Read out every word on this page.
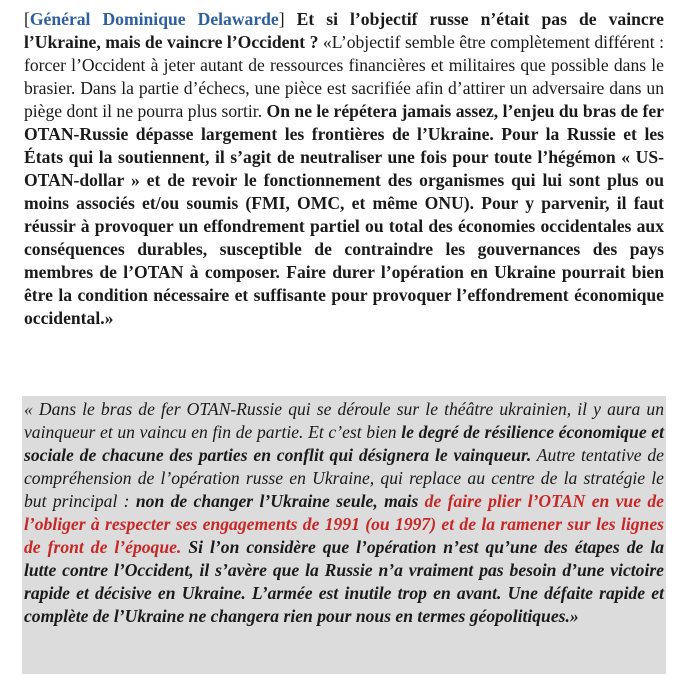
[Général Dominique Delawarde] Et si l’objectif russe n’était pas de vaincre l’Ukraine, mais de vaincre l’Occident ? «L’objectif semble être complètement différent : forcer l’Occident à jeter autant de ressources financières et militaires que possible dans le brasier. Dans la partie d’échecs, une pièce est sacrifiée afin d’attirer un adversaire dans un piège dont il ne pourra plus sortir. On ne le répétera jamais assez, l’enjeu du bras de fer OTAN-Russie dépasse largement les frontières de l’Ukraine. Pour la Russie et les États qui la soutiennent, il s’agit de neutraliser une fois pour toute l’hégémon « US-OTAN-dollar » et de revoir le fonctionnement des organismes qui lui sont plus ou moins associés et/ou soumis (FMI, OMC, et même ONU). Pour y parvenir, il faut réussir à provoquer un effondrement partiel ou total des économies occidentales aux conséquences durables, susceptible de contraindre les gouvernances des pays membres de l’OTAN à composer. Faire durer l’opération en Ukraine pourrait bien être la condition nécessaire et suffisante pour provoquer l’effondrement économique occidental.»
« Dans le bras de fer OTAN-Russie qui se déroule sur le théâtre ukrainien, il y aura un vainqueur et un vaincu en fin de partie. Et c’est bien le degré de résilience économique et sociale de chacune des parties en conflit qui désignera le vainqueur. Autre tentative de compréhension de l’opération russe en Ukraine, qui replace au centre de la stratégie le but principal : non de changer l’Ukraine seule, mais de faire plier l’OTAN en vue de l’obliger à respecter ses engagements de 1991 (ou 1997) et de la ramener sur les lignes de front de l’époque. Si l’on considère que l’opération n’est qu’une des étapes de la lutte contre l’Occident, il s’avère que la Russie n’a vraiment pas besoin d’une victoire rapide et décisive en Ukraine. L’armée est inutile trop en avant. Une défaite rapide et complète de l’Ukraine ne changera rien pour nous en termes géopolitiques.»
